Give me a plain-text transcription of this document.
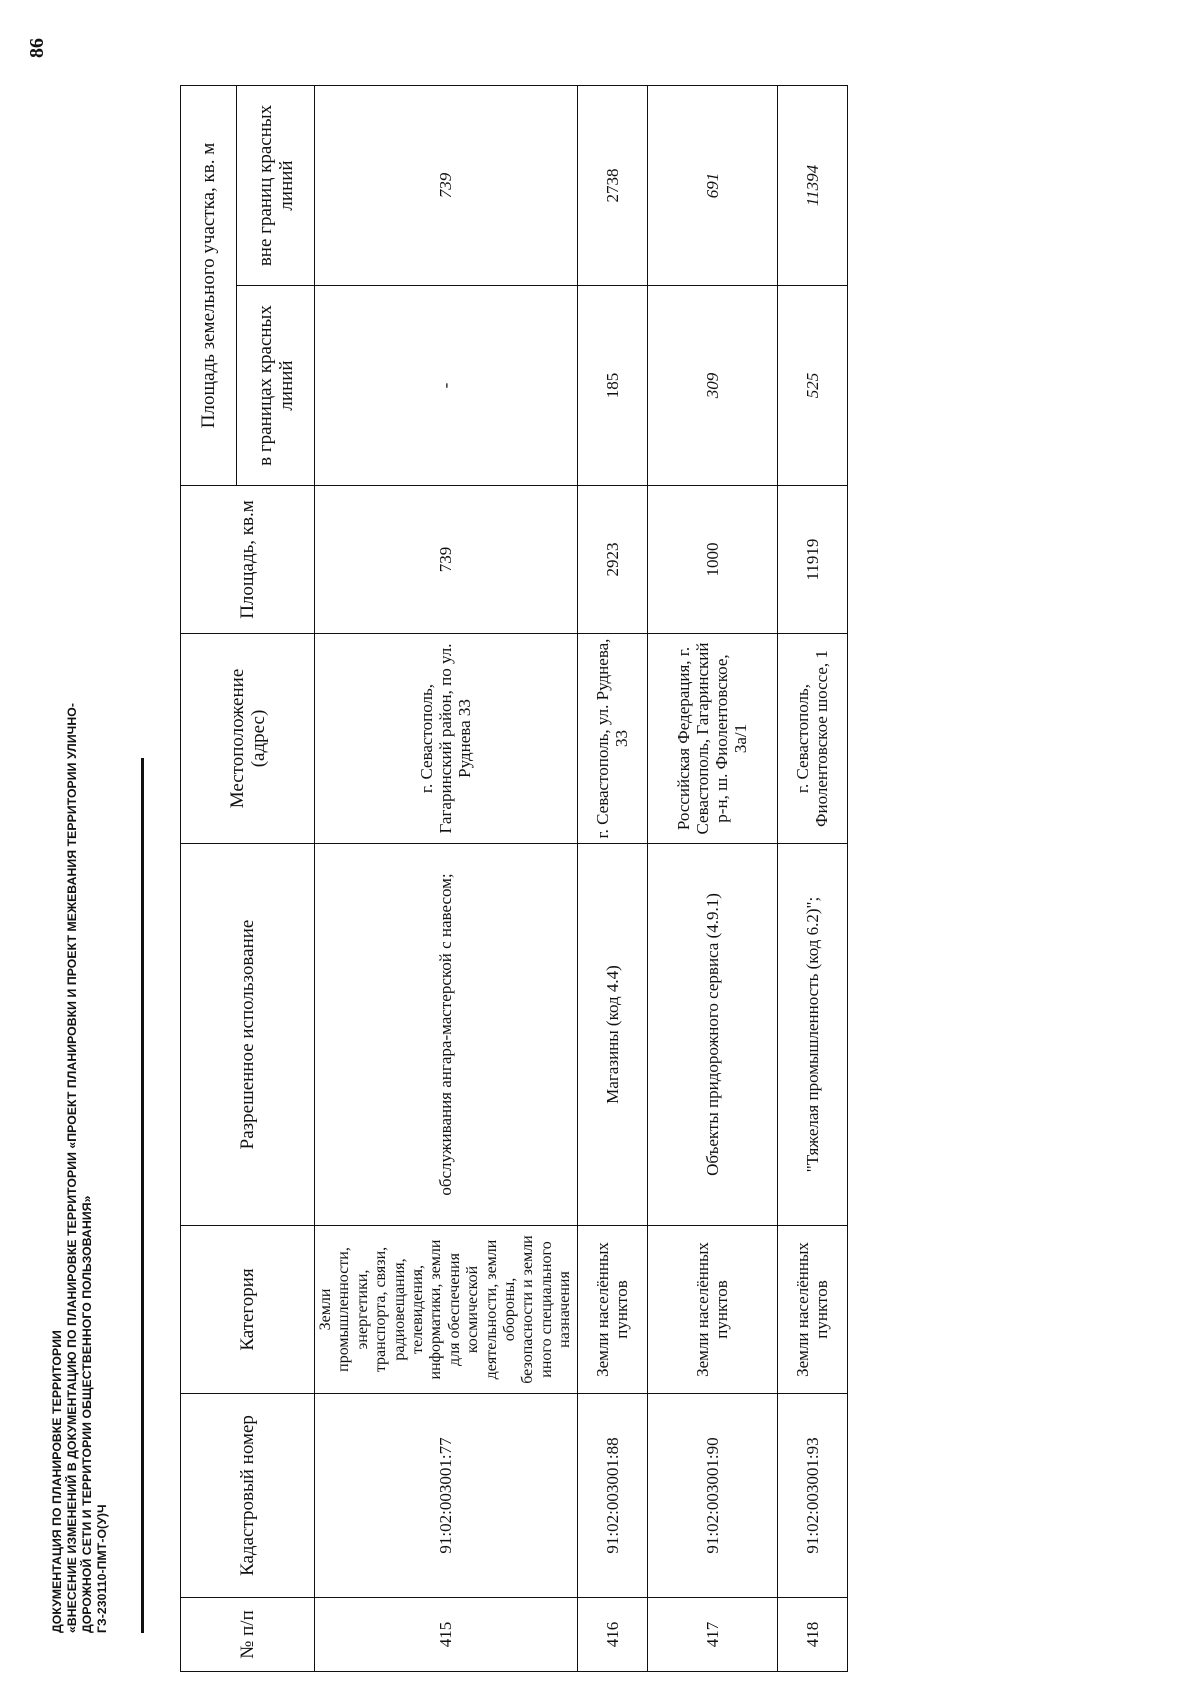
86
ДОКУМЕНТАЦИЯ ПО ПЛАНИРОВКЕ ТЕРРИТОРИИ «ВНЕСЕНИЕ ИЗМЕНЕНИЙ В ДОКУМЕНТАЦИЮ ПО ПЛАНИРОВКЕ ТЕРРИТОРИИ «ПРОЕКТ ПЛАНИРОВКИ И ПРОЕКТ МЕЖЕВАНИЯ ТЕРРИТОРИИ УЛИЧНО- ДОРОЖНОЙ СЕТИ И ТЕРРИТОРИИ ОБЩЕСТВЕННОГО ПОЛЬЗОВАНИЯ» ГЗ-230110-ПМТ-О(У)Ч
№ п/п	Кадастровый номер	Категория	Разрешенное использование	Местоположение (адрес)	Площадь, кв.м	Площадь земельного участка, кв. м	
						в границах красных линий	вне границ красных линий
415	91:02:003001:77	Земли промышленности, энергетики, транспорта, связи, радиовещания, телевидения, информатики, земли для обеспечения космической деятельности, земли обороны, безопасности и земли иного специального назначения	обслуживания ангара-мастерской с навесом;	г. Севастополь, Гагаринский район, по ул. Руднева 33	739	-	739
416	91:02:003001:88	Земли населённых пунктов	Магазины (код 4.4)	г. Севастополь, ул. Руднева, 33	2923	185	2738
417	91:02:003001:90	Земли населённых пунктов	Объекты придорожного сервиса (4.9.1)	Российская Федерация, г. Севастополь, Гагаринский р-н, ш. Фиолентовское, 3а/1	1000	309	691
418	91:02:003001:93	Земли населённых пунктов	"Тяжелая промышленность (код 6.2)";	г. Севастополь, Фиолентовское шоссе, 1	11919	525	11394
